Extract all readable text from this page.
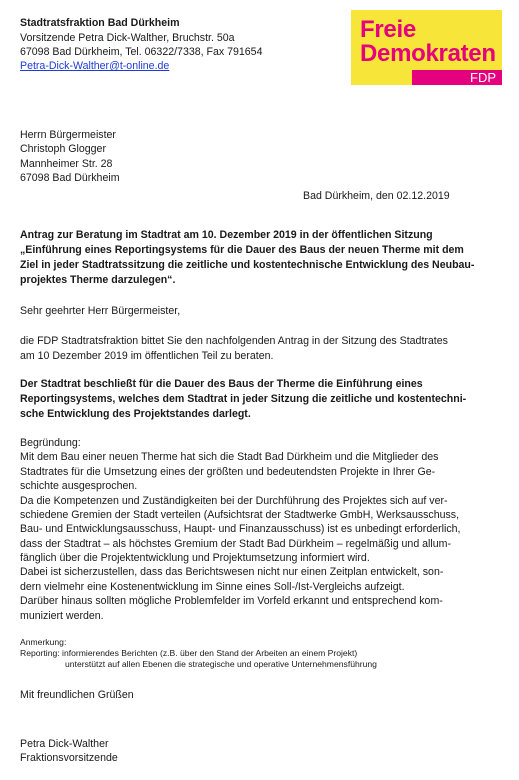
Stadtratsfraktion Bad Dürkheim
Vorsitzende Petra Dick-Walther, Bruchstr. 50a
67098 Bad Dürkheim, Tel. 06322/7338, Fax 791654
Petra-Dick-Walther@t-online.de
Freie
Demokraten
FDP
Herrn Bürgermeister
Christoph Glogger
Mannheimer Str. 28
67098 Bad Dürkheim
Bad Dürkheim, den 02.12.2019
Antrag zur Beratung im Stadtrat am 10. Dezember 2019 in der öffentlichen Sitzung
„Einführung eines Reportingsystems für die Dauer des Baus der neuen Therme mit dem
Ziel in jeder Stadtratssitzung die zeitliche und kostentechnische Entwicklung des Neubau-
projektes Therme darzulegen“.
Sehr geehrter Herr Bürgermeister,
die FDP Stadtratsfraktion bittet Sie den nachfolgenden Antrag in der Sitzung des Stadtrates
am 10 Dezember 2019 im öffentlichen Teil zu beraten.
Der Stadtrat beschließt für die Dauer des Baus der Therme die Einführung eines
Reportingsystems, welches dem Stadtrat in jeder Sitzung die zeitliche und kostentechni-
sche Entwicklung des Projektstandes darlegt.
Begründung:
Mit dem Bau einer neuen Therme hat sich die Stadt Bad Dürkheim und die Mitglieder des
Stadtrates für die Umsetzung eines der größten und bedeutendsten Projekte in Ihrer Ge-
schichte ausgesprochen.
Da die Kompetenzen und Zuständigkeiten bei der Durchführung des Projektes sich auf ver-
schiedene Gremien der Stadt verteilen (Aufsichtsrat der Stadtwerke GmbH, Werksausschuss,
Bau- und Entwicklungsausschuss, Haupt- und Finanzausschuss) ist es unbedingt erforderlich,
dass der Stadtrat – als höchstes Gremium der Stadt Bad Dürkheim – regelmäßig und allum-
fänglich über die Projektentwicklung und Projektumsetzung informiert wird.
Dabei ist sicherzustellen, dass das Berichtswesen nicht nur einen Zeitplan entwickelt, son-
dern vielmehr eine Kostenentwicklung im Sinne eines Soll-/Ist-Vergleichs aufzeigt.
Darüber hinaus sollten mögliche Problemfelder im Vorfeld erkannt und entsprechend kom-
muniziert werden.
Anmerkung:
Reporting: informierendes Berichten (z.B. über den Stand der Arbeiten an einem Projekt)
unterstützt auf allen Ebenen die strategische und operative Unternehmensführung
Mit freundlichen Grüßen
Petra Dick-Walther
Fraktionsvorsitzende
